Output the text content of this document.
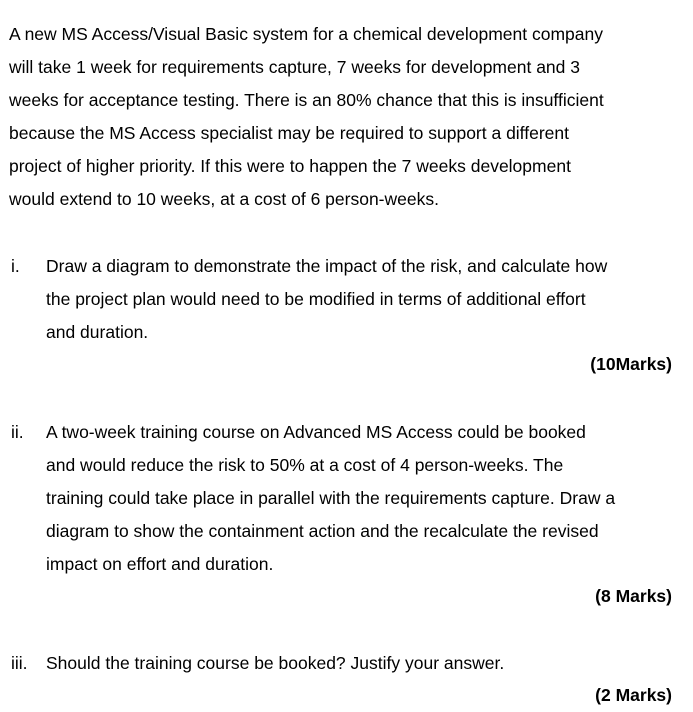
A new MS Access/Visual Basic system for a chemical development company
will take 1 week for requirements capture, 7 weeks for development and 3
weeks for acceptance testing. There is an 80% chance that this is insufficient
because the MS Access specialist may be required to support a different
project of higher priority. If this were to happen the 7 weeks development
would extend to 10 weeks, at a cost of 6 person-weeks.
i. Draw a diagram to demonstrate the impact of the risk, and calculate how
the project plan would need to be modified in terms of additional effort
and duration.
(10Marks)
ii. A two-week training course on Advanced MS Access could be booked
and would reduce the risk to 50% at a cost of 4 person-weeks. The
training could take place in parallel with the requirements capture. Draw a
diagram to show the containment action and the recalculate the revised
impact on effort and duration.
(8 Marks)
iii. Should the training course be booked? Justify your answer.
(2 Marks)
